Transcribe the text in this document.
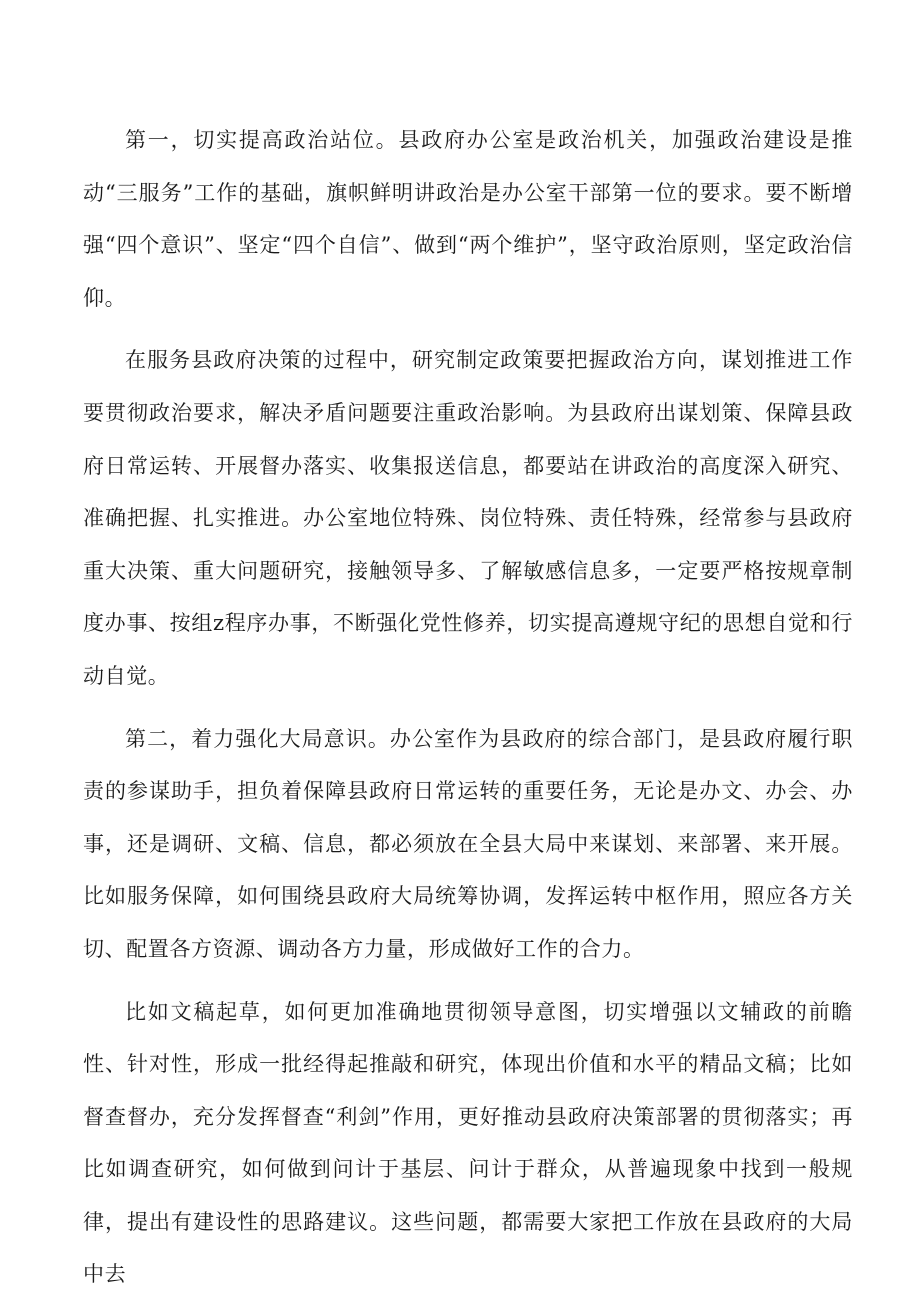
第一，切实提高政治站位。县政府办公室是政治机关，加强政治建设是推动“三服务”工作的基础，旗帜鲜明讲政治是办公室干部第一位的要求。要不断增强“四个意识”、坚定“四个自信”、做到“两个维护”，坚守政治原则，坚定政治信仰。

在服务县政府决策的过程中，研究制定政策要把握政治方向，谋划推进工作要贯彻政治要求，解决矛盾问题要注重政治影响。为县政府出谋划策、保障县政府日常运转、开展督办落实、收集报送信息，都要站在讲政治的高度深入研究、准确把握、扎实推进。办公室地位特殊、岗位特殊、责任特殊，经常参与县政府重大决策、重大问题研究，接触领导多、了解敏感信息多，一定要严格按规章制度办事、按组z程序办事，不断强化党性修养，切实提高遵规守纪的思想自觉和行动自觉。

第二，着力强化大局意识。办公室作为县政府的综合部门，是县政府履行职责的参谋助手，担负着保障县政府日常运转的重要任务，无论是办文、办会、办事，还是调研、文稿、信息，都必须放在全县大局中来谋划、来部署、来开展。比如服务保障，如何围绕县政府大局统筹协调，发挥运转中枢作用，照应各方关切、配置各方资源、调动各方力量，形成做好工作的合力。

比如文稿起草，如何更加准确地贯彻领导意图，切实增强以文辅政的前瞻性、针对性，形成一批经得起推敲和研究，体现出价值和水平的精品文稿；比如督查督办，充分发挥督查“利剑”作用，更好推动县政府决策部署的贯彻落实；再比如调查研究，如何做到问计于基层、问计于群众，从普遍现象中找到一般规律，提出有建设性的思路建议。这些问题，都需要大家把工作放在县政府的大局中去
